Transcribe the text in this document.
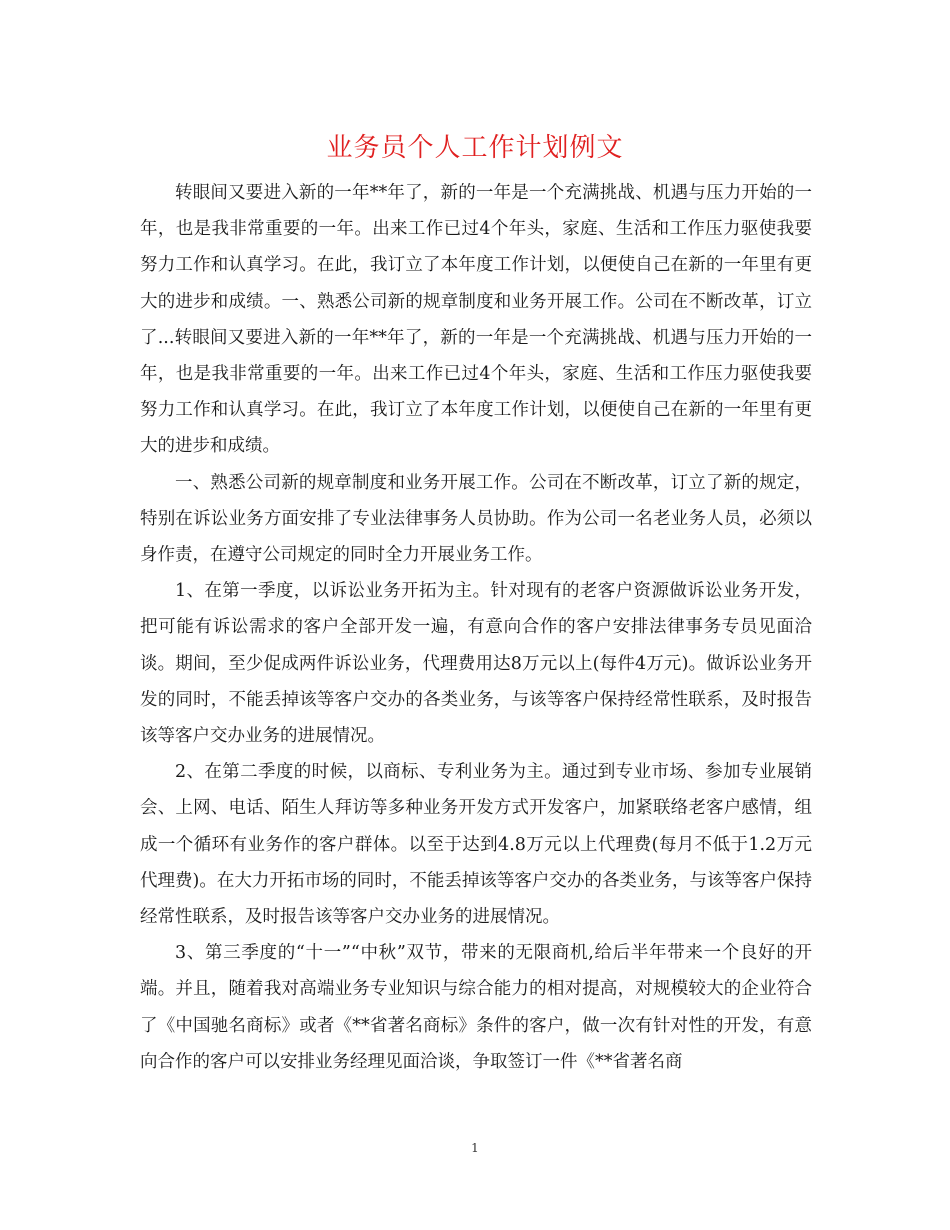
业务员个人工作计划例文

转眼间又要进入新的一年**年了，新的一年是一个充满挑战、机遇与压力开始的一年，也是我非常重要的一年。出来工作已过4个年头，家庭、生活和工作压力驱使我要努力工作和认真学习。在此，我订立了本年度工作计划，以便使自己在新的一年里有更大的进步和成绩。一、熟悉公司新的规章制度和业务开展工作。公司在不断改革，订立了...转眼间又要进入新的一年**年了，新的一年是一个充满挑战、机遇与压力开始的一年，也是我非常重要的一年。出来工作已过4个年头，家庭、生活和工作压力驱使我要努力工作和认真学习。在此，我订立了本年度工作计划，以便使自己在新的一年里有更大的进步和成绩。

一、熟悉公司新的规章制度和业务开展工作。公司在不断改革，订立了新的规定，特别在诉讼业务方面安排了专业法律事务人员协助。作为公司一名老业务人员，必须以身作责，在遵守公司规定的同时全力开展业务工作。

1、在第一季度，以诉讼业务开拓为主。针对现有的老客户资源做诉讼业务开发，把可能有诉讼需求的客户全部开发一遍，有意向合作的客户安排法律事务专员见面洽谈。期间，至少促成两件诉讼业务，代理费用达8万元以上(每件4万元)。做诉讼业务开发的同时，不能丢掉该等客户交办的各类业务，与该等客户保持经常性联系，及时报告该等客户交办业务的进展情况。

2、在第二季度的时候，以商标、专利业务为主。通过到专业市场、参加专业展销会、上网、电话、陌生人拜访等多种业务开发方式开发客户，加紧联络老客户感情，组成一个循环有业务作的客户群体。以至于达到4.8万元以上代理费(每月不低于1.2万元代理费)。在大力开拓市场的同时，不能丢掉该等客户交办的各类业务，与该等客户保持经常性联系，及时报告该等客户交办业务的进展情况。

3、第三季度的“十一”“中秋”双节，带来的无限商机,给后半年带来一个良好的开端。并且，随着我对高端业务专业知识与综合能力的相对提高，对规模较大的企业符合了《中国驰名商标》或者《**省著名商标》条件的客户，做一次有针对性的开发，有意向合作的客户可以安排业务经理见面洽谈，争取签订一件《**省著名商

1
